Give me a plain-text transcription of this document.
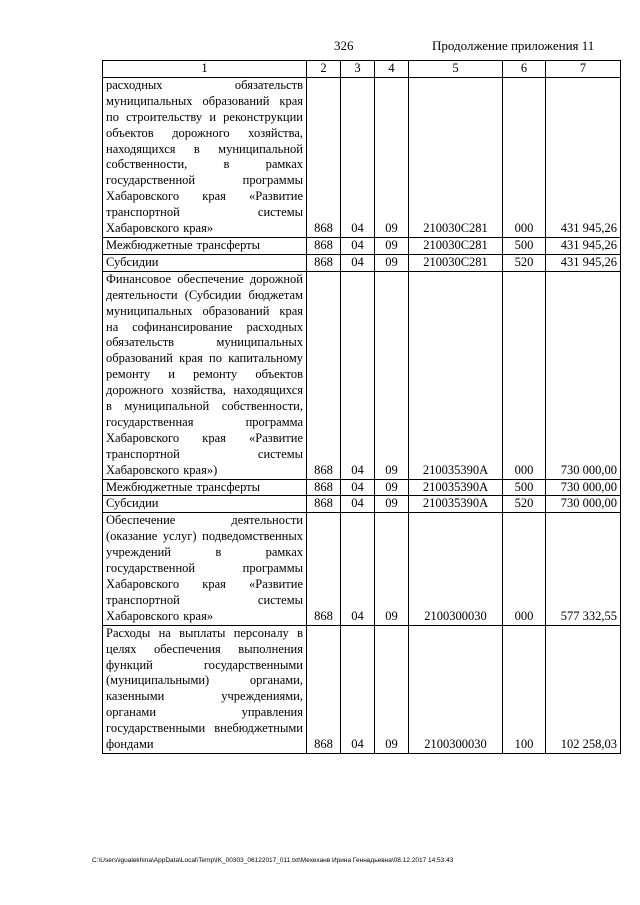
326	Продолжение приложения 11
1	2	3	4	5	6	7
расходных обязательств муниципальных образований края по строительству и реконструкции объектов дорожного хозяйства, находящихся в муниципальной собственности, в рамках государственной программы Хабаровского края «Развитие транспортной системы Хабаровского края»	868	04	09	210030С281	000	431 945,26
Межбюджетные трансферты	868	04	09	210030С281	500	431 945,26
Субсидии	868	04	09	210030С281	520	431 945,26
Финансовое обеспечение дорожной деятельности (Субсидии бюджетам муниципальных образований края на софинансирование расходных обязательств муниципальных образований края по капитальному ремонту и ремонту объектов дорожного хозяйства, находящихся в муниципальной собственности, государственная программа Хабаровского края «Развитие транспортной системы Хабаровского края»)	868	04	09	210035390А	000	730 000,00
Межбюджетные трансферты	868	04	09	210035390А	500	730 000,00
Субсидии	868	04	09	210035390А	520	730 000,00
Обеспечение деятельности (оказание услуг) подведомственных учреждений в рамках государственной программы Хабаровского края «Развитие транспортной системы Хабаровского края»	868	04	09	2100300030	000	577 332,55
Расходы на выплаты персоналу в целях обеспечения выполнения функций государственными (муниципальными) органами, казенными учреждениями, органами управления государственными внебюджетными фондами	868	04	09	2100300030	100	102 258,03
C:\Users\igualekhina\AppData\Local\Temp\IK_00303_06122017_011.txt\Мехеханв Ирина Геннадьевна\08.12.2017 14:53:43
